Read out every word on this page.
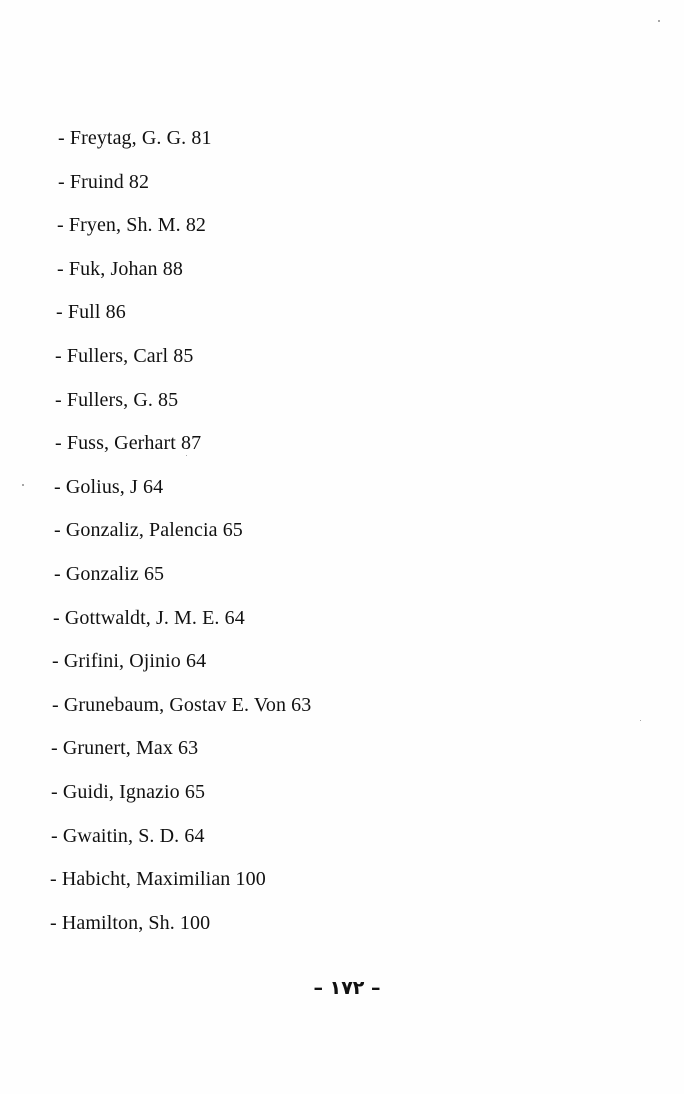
- Freytag, G. G. 81
- Fruind 82
- Fryen, Sh. M. 82
- Fuk, Johan 88
- Full 86
- Fullers, Carl 85
- Fullers, G. 85
- Fuss, Gerhart 87
- Golius, J 64
- Gonzaliz, Palencia 65
- Gonzaliz 65
- Gottwaldt, J. M. E. 64
- Grifini, Ojinio 64
- Grunebaum, Gostav E. Von 63
- Grunert, Max 63
- Guidi, Ignazio 65
- Gwaitin, S. D. 64
- Habicht, Maximilian 100
- Hamilton, Sh. 100
– ١٧٢ –
